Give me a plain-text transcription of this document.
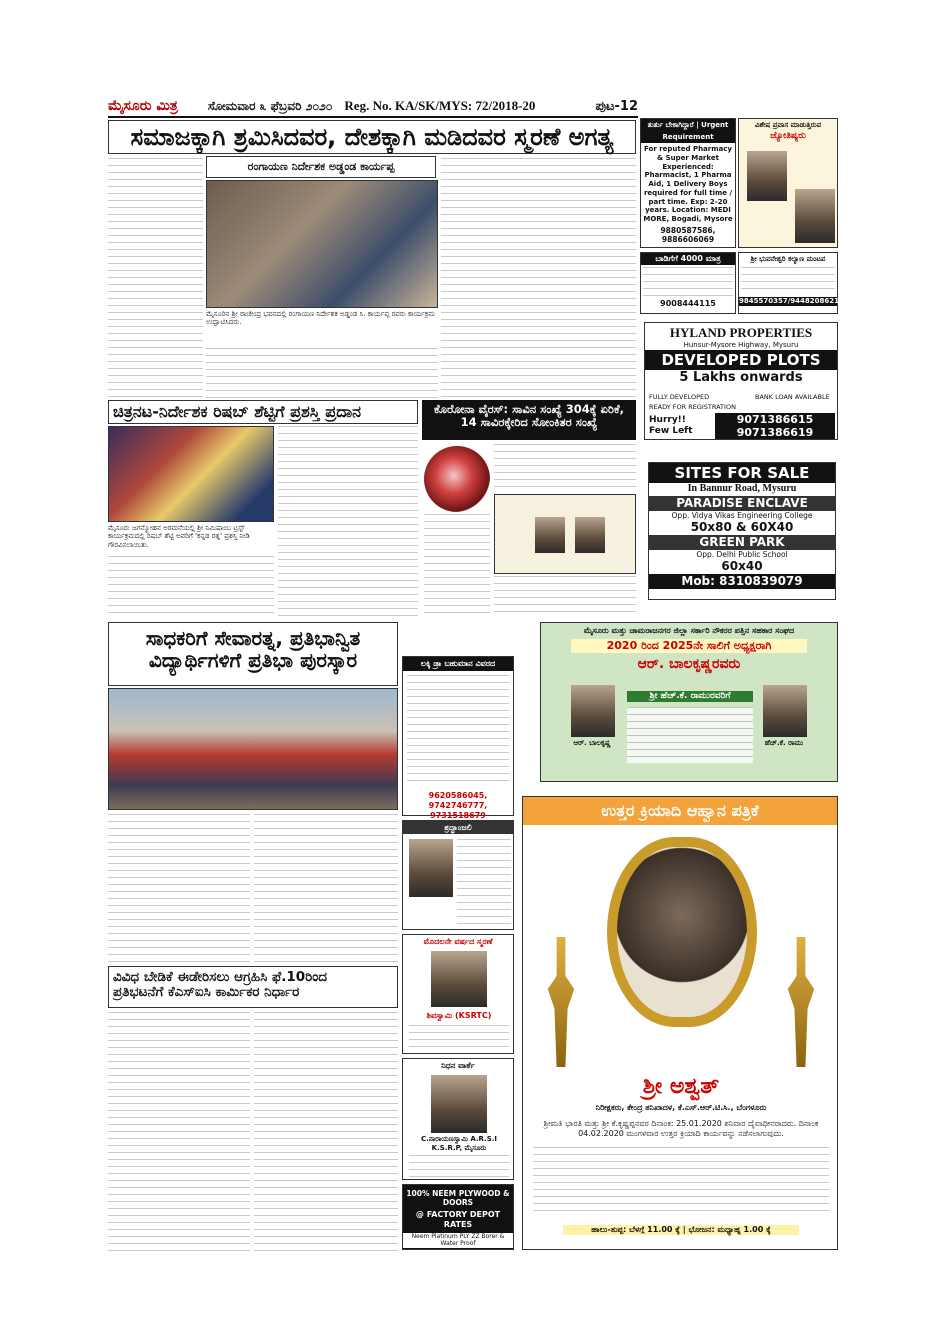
ಮೈಸೂರು ಮಿತ್ರ	ಸೋಮವಾರ ೩ ಫೆಬ್ರವರಿ ೨೦೨೦ Reg. No. KA/SK/MYS: 72/2018-20	ಪುಟ-12
ಸಮಾಜಕ್ಕಾಗಿ ಶ್ರಮಿಸಿದವರ, ದೇಶಕ್ಕಾಗಿ ಮಡಿದವರ ಸ್ಮರಣೆ ಅಗತ್ಯ
ರಂಗಾಯಣ ನಿರ್ದೇಶಕ ಅಡ್ಡಂಡ ಕಾರ್ಯಪ್ಪ
ಮೈಸೂರಿನ ಶ್ರೀ ರಾಜೇಂದ್ರ ಭವನದಲ್ಲಿ ರಂಗಾಯಣ ನಿರ್ದೇಶಕ ಅಡ್ಡಂಡ ಸಿ. ಕಾರ್ಯಪ್ಪ ರವರು ಕಾರ್ಯಕ್ರಮ ಉದ್ಘಾಟಿಸಿದರು.
ಚಿತ್ರನಟ-ನಿರ್ದೇಶಕ ರಿಷಬ್ ಶೆಟ್ಟಿಗೆ ಪ್ರಶಸ್ತಿ ಪ್ರದಾನ
ಮೈಸೂರು ಜಗನ್ಮೋಹನ ಅರಮನೆಯಲ್ಲಿ ಶ್ರೀ ನಿಮಿಷಾಂಬ ಟ್ರಸ್ಟ್ ಕಾರ್ಯಕ್ರಮದಲ್ಲಿ ರಿಷಬ್ ಶೆಟ್ಟಿ ಅವರಿಗೆ 'ಕನ್ನಡ ರತ್ನ' ಪ್ರಶಸ್ತಿ ನೀಡಿ ಗೌರವಿಸಲಾಯಿತು.
ಕೊರೋನಾ ವೈರಸ್: ಸಾವಿನ ಸಂಖ್ಯೆ 304ಕ್ಕೆ ಏರಿಕೆ, 14 ಸಾವಿರಕ್ಕೇರಿದ ಸೋಂಕಿತರ ಸಂಖ್ಯೆ
ಸಾಧಕರಿಗೆ ಸೇವಾರತ್ನ, ಪ್ರತಿಭಾನ್ವಿತ
ವಿದ್ಯಾರ್ಥಿಗಳಿಗೆ ಪ್ರತಿಭಾ ಪುರಸ್ಕಾರ
ವಿವಿಧ ಬೇಡಿಕೆ ಈಡೇರಿಸಲು ಆಗ್ರಹಿಸಿ ಫೆ.10ರಿಂದ
ಪ್ರತಿಭಟನೆಗೆ ಕೆಎಸ್‌ಐಸಿ ಕಾರ್ಮಿಕರ ನಿರ್ಧಾರ
ಲಕ್ಕಿ ಡ್ರಾ ಬಹುಮಾನ ವಿವರದ
9620586045, 9742746777, 9731518679
ಶ್ರದ್ಧಾಂಜಲಿ
ಮೊದಲನೇ ವರ್ಷದ ಸ್ಮರಣೆ
ಶಿವಸ್ವಾಮಿ (KSRTC)
ನಿಧನ ವಾರ್ತೆ
C.ನಾರಾಯಣಸ್ವಾಮಿ A.R.S.I K.S.R.P, ಮೈಸೂರು
100% NEEM PLYWOOD & DOORS
@ FACTORY DEPOT RATES
Neem Platinum PLY ZZ Borer & Water Proof
CALL: 9845476862, 9901291267
ತುರ್ತು ಬೇಕಾಗಿದ್ದಾರೆ | Urgent Requirement
For reputed Pharmacy & Super Market Experienced: Pharmacist, 1 Pharma Aid, 1 Delivery Boys required for full time / part time. Exp: 2-20 years. Location: MEDI MORE, Bogadi, Mysore
9880587586, 9886606069
ವಿಶೇಷ ಪ್ರವಾಸ ಮಾಡುತ್ತಿರುವ
ಜ್ಯೋತಿಷ್ಯರು
ಬಾಡಿಗೆಗೆ 4000 ಮಾತ್ರ
9008444115
ಶ್ರೀ ಭುವನೇಶ್ವರಿ ಕಲ್ಯಾಣ ಮಂಟಪ
9845570357/9448208621
HYLAND PROPERTIES
Hunsur-Mysore Highway, Mysuru
DEVELOPED PLOTS
5 Lakhs onwards
FULLY DEVELOPED
READY FOR REGISTRATION
BANK LOAN AVAILABLE
Hurry!! Few Left
9071386615
9071386619
SITES FOR SALE
In Bannur Road, Mysuru
PARADISE ENCLAVE
Opp. Vidya Vikas Engineering College
50x80 & 60X40
GREEN PARK
Opp. Delhi Public School
60x40
Mob: 8310839079
ಮೈಸೂರು ಮತ್ತು ಚಾಮರಾಜನಗರ ಜಿಲ್ಲಾ ಸರ್ಕಾರಿ ನೌಕರರ ಪತ್ತಿನ ಸಹಕಾರ ಸಂಘದ
2020 ರಿಂದ 2025ನೇ ಸಾಲಿಗೆ ಅಧ್ಯಕ್ಷರಾಗಿ
ಆರ್. ಬಾಲಕೃಷ್ಣರವರು
ಶ್ರೀ ಹೆಚ್.ಕೆ. ರಾಮುರವರಿಗೆ
ಆರ್. ಬಾಲಕೃಷ್ಣ	ಹೆಚ್.ಕೆ. ರಾಮು
ಉತ್ತರ ಕ್ರಿಯಾದಿ ಆಹ್ವಾನ ಪತ್ರಿಕೆ
ಶ್ರೀ ಅಶ್ವತ್
ನಿರೀಕ್ಷಕರು, ಕೇಂದ್ರ ತನಿಖಾದಳ, ಕೆ.ಎಸ್.ಆರ್.ಟಿ.ಸಿ., ಬೆಂಗಳೂರು
ಶ್ರೀಮತಿ ಭಾರತಿ ಮತ್ತು ಶ್ರೀ ಕೆ.ಕೃಷ್ಣಪ್ಪನವರ ದಿನಾಂಕ: 25.01.2020 ಶನಿವಾರ ದೈವಾಧೀನರಾದರು. ದಿನಾಂಕ 04.02.2020 ಮಂಗಳವಾರ ಉತ್ತರ ಕ್ರಿಯಾದಿ ಕಾರ್ಯವನ್ನು ನಡೆಸಲಾಗುವುದು.
ಹಾಲು-ತುಪ್ಪ: ಬೆಳಗ್ಗೆ 11.00 ಕ್ಕೆ | ಭೋಜನ: ಮಧ್ಯಾಹ್ನ 1.00 ಕ್ಕೆ
